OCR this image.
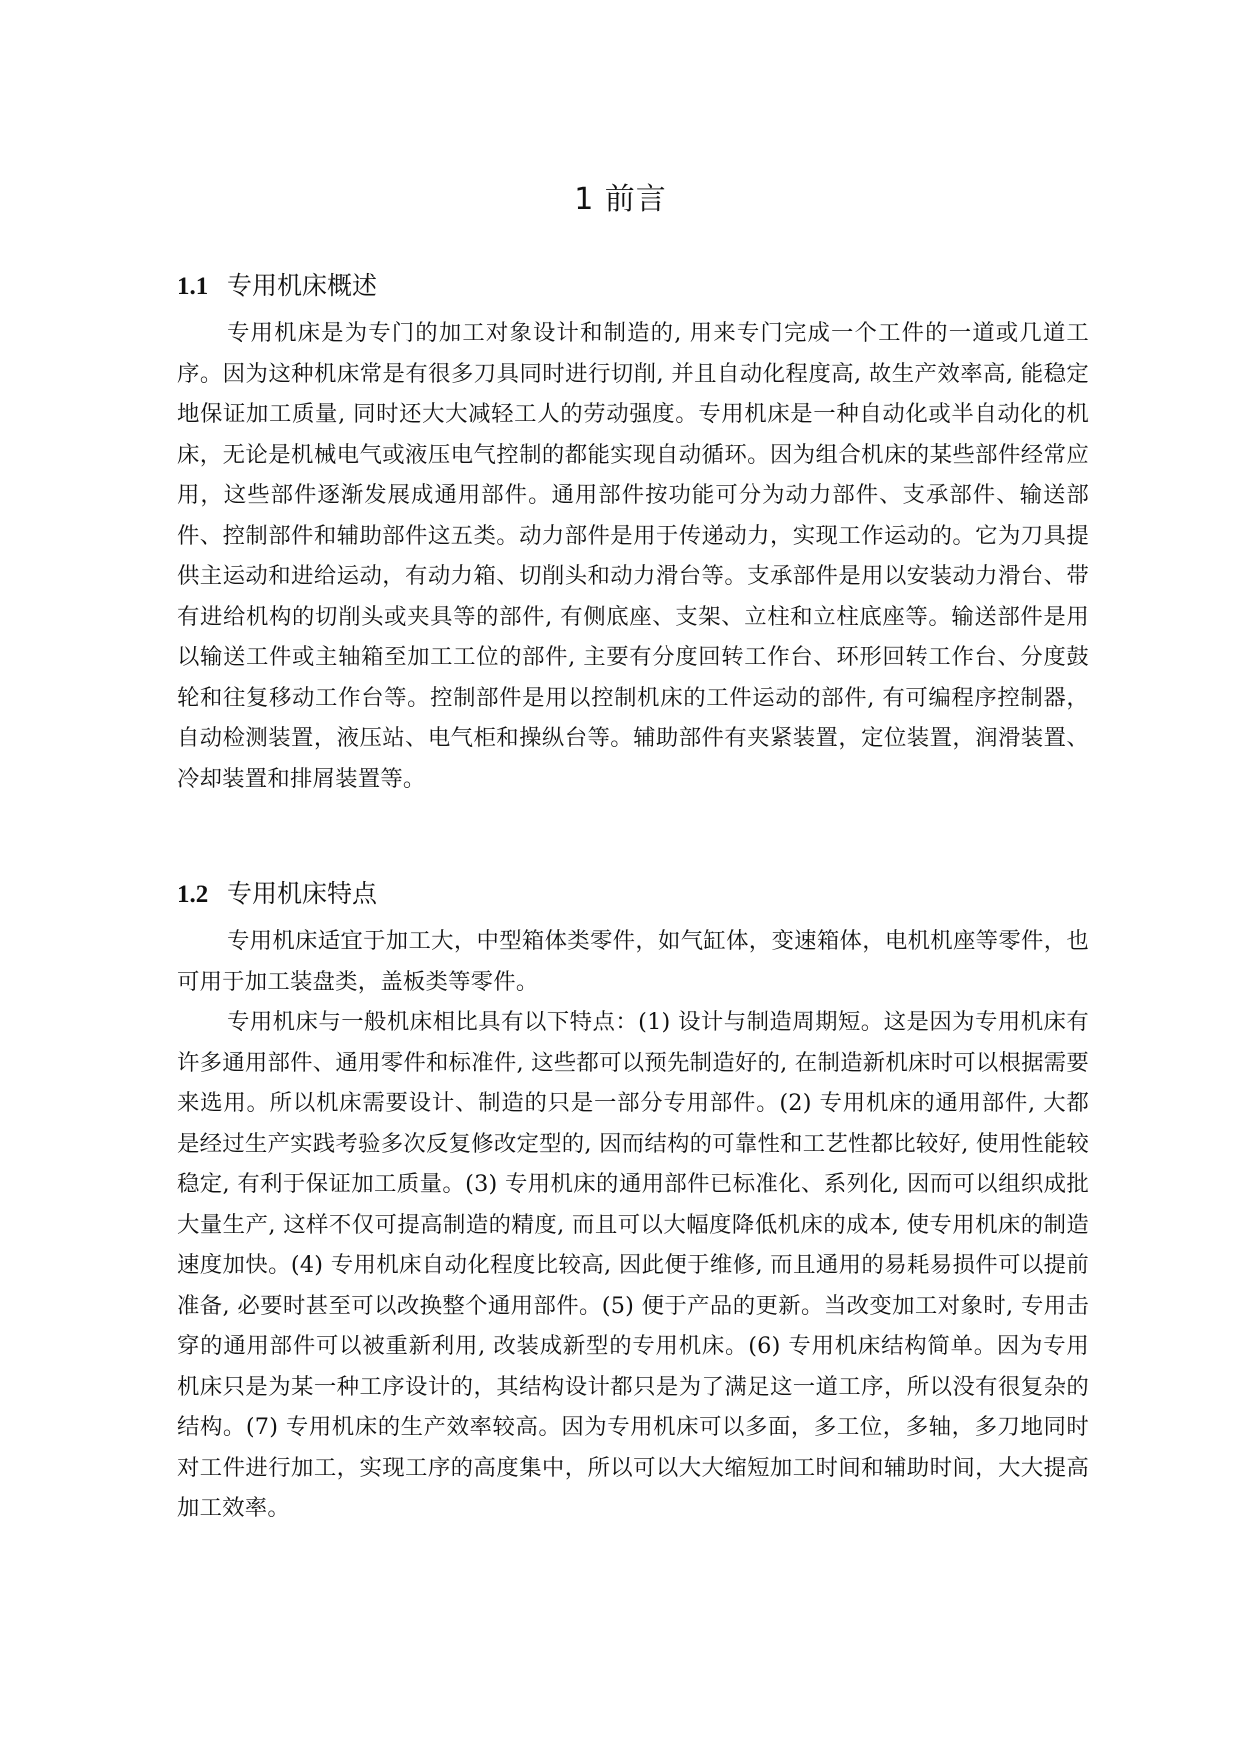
1 前言
1.1 专用机床概述

专用机床是为专门的加工对象设计和制造的, 用来专门完成一个工件的一道或几道工序。因为这种机床常是有很多刀具同时进行切削, 并且自动化程度高, 故生产效率高, 能稳定地保证加工质量, 同时还大大减轻工人的劳动强度。专用机床是一种自动化或半自动化的机床，无论是机械电气或液压电气控制的都能实现自动循环。因为组合机床的某些部件经常应用，这些部件逐渐发展成通用部件。通用部件按功能可分为动力部件、支承部件、输送部件、控制部件和辅助部件这五类。动力部件是用于传递动力，实现工作运动的。它为刀具提供主运动和进给运动，有动力箱、切削头和动力滑台等。支承部件是用以安装动力滑台、带有进给机构的切削头或夹具等的部件, 有侧底座、支架、立柱和立柱底座等。输送部件是用以输送工件或主轴箱至加工工位的部件, 主要有分度回转工作台、环形回转工作台、分度鼓轮和往复移动工作台等。控制部件是用以控制机床的工件运动的部件, 有可编程序控制器，自动检测装置，液压站、电气柜和操纵台等。辅助部件有夹紧装置，定位装置，润滑装置、冷却装置和排屑装置等。

1.2 专用机床特点

专用机床适宜于加工大，中型箱体类零件，如气缸体，变速箱体，电机机座等零件，也可用于加工装盘类，盖板类等零件。

专用机床与一般机床相比具有以下特点：(1) 设计与制造周期短。这是因为专用机床有许多通用部件、通用零件和标准件, 这些都可以预先制造好的, 在制造新机床时可以根据需要来选用。所以机床需要设计、制造的只是一部分专用部件。(2) 专用机床的通用部件, 大都是经过生产实践考验多次反复修改定型的, 因而结构的可靠性和工艺性都比较好, 使用性能较稳定, 有利于保证加工质量。(3) 专用机床的通用部件已标准化、系列化, 因而可以组织成批大量生产, 这样不仅可提高制造的精度, 而且可以大幅度降低机床的成本, 使专用机床的制造速度加快。(4) 专用机床自动化程度比较高, 因此便于维修, 而且通用的易耗易损件可以提前准备, 必要时甚至可以改换整个通用部件。(5) 便于产品的更新。当改变加工对象时, 专用击穿的通用部件可以被重新利用, 改装成新型的专用机床。(6) 专用机床结构简单。因为专用机床只是为某一种工序设计的，其结构设计都只是为了满足这一道工序，所以没有很复杂的结构。(7) 专用机床的生产效率较高。因为专用机床可以多面，多工位，多轴，多刀地同时对工件进行加工，实现工序的高度集中，所以可以大大缩短加工时间和辅助时间，大大提高加工效率。
